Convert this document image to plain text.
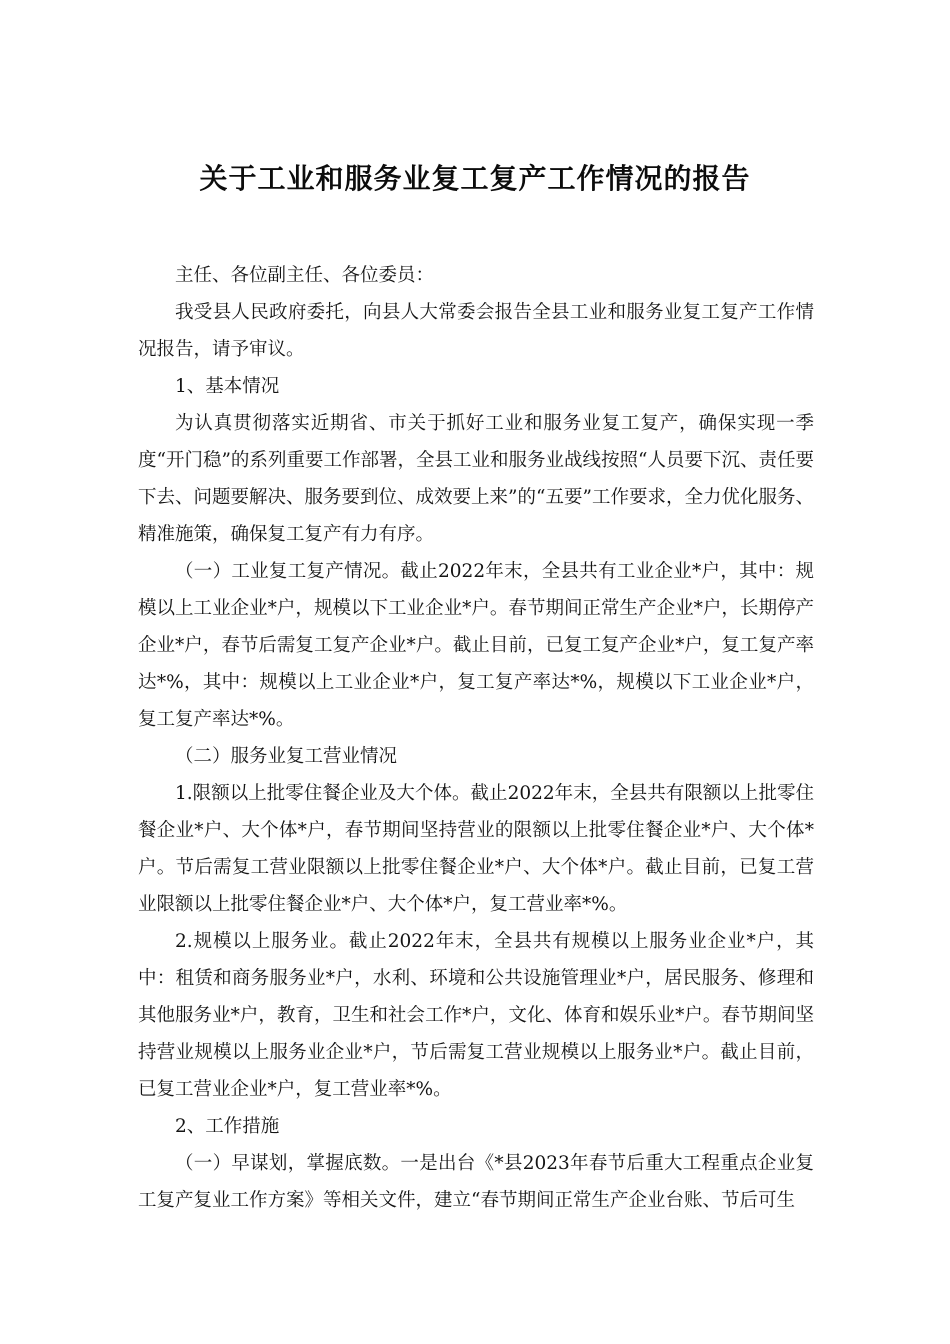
关于工业和服务业复工复产工作情况的报告

主任、各位副主任、各位委员：

我受县人民政府委托，向县人大常委会报告全县工业和服务业复工复产工作情况报告，请予审议。

1、基本情况

为认真贯彻落实近期省、市关于抓好工业和服务业复工复产，确保实现一季度“开门稳”的系列重要工作部署，全县工业和服务业战线按照“人员要下沉、责任要下去、问题要解决、服务要到位、成效要上来”的“五要”工作要求，全力优化服务、精准施策，确保复工复产有力有序。

（一）工业复工复产情况。截止2022年末，全县共有工业企业*户，其中：规模以上工业企业*户，规模以下工业企业*户。春节期间正常生产企业*户，长期停产企业*户，春节后需复工复产企业*户。截止目前，已复工复产企业*户，复工复产率达*%，其中：规模以上工业企业*户，复工复产率达*%，规模以下工业企业*户，复工复产率达*%。

（二）服务业复工营业情况

1.限额以上批零住餐企业及大个体。截止2022年末，全县共有限额以上批零住餐企业*户、大个体*户，春节期间坚持营业的限额以上批零住餐企业*户、大个体*户。节后需复工营业限额以上批零住餐企业*户、大个体*户。截止目前，已复工营业限额以上批零住餐企业*户、大个体*户，复工营业率*%。

2.规模以上服务业。截止2022年末，全县共有规模以上服务业企业*户，其中：租赁和商务服务业*户，水利、环境和公共设施管理业*户，居民服务、修理和其他服务业*户，教育，卫生和社会工作*户，文化、体育和娱乐业*户。春节期间坚持营业规模以上服务业企业*户，节后需复工营业规模以上服务业*户。截止目前，已复工营业企业*户，复工营业率*%。

2、工作措施

（一）早谋划，掌握底数。一是出台《*县2023年春节后重大工程重点企业复工复产复业工作方案》等相关文件，建立“春节期间正常生产企业台账、节后可生
